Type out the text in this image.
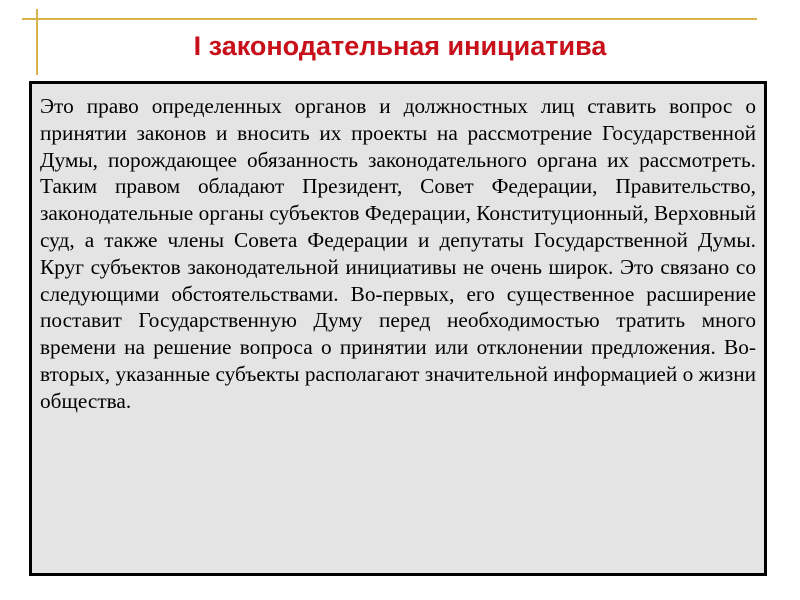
I законодательная инициатива

Это право определенных органов и должностных лиц ставить вопрос о принятии законов и вносить их проекты на рассмотрение Государственной Думы, порождающее обязанность законодательного органа их рассмотреть. Таким правом обладают Президент, Совет Федерации, Правительство, законодательные органы субъектов Федерации, Конституционный, Верховный суд, а также члены Совета Федерации и депутаты Государственной Думы. Круг субъектов законодательной инициативы не очень широк. Это связано со следующими обстоятельствами. Во-первых, его существенное расширение поставит Государственную Думу перед необходимостью тратить много времени на решение вопроса о принятии или отклонении предложения. Во-вторых, указанные субъекты располагают значительной информацией о жизни общества.
